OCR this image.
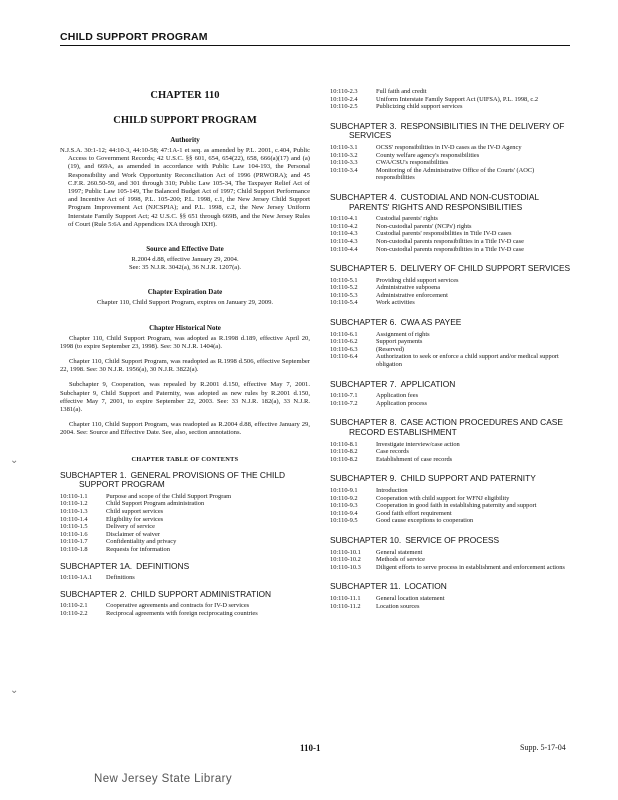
CHILD SUPPORT PROGRAM
CHAPTER 110
CHILD SUPPORT PROGRAM
Authority

N.J.S.A. 30:1-12; 44:10-3, 44:10-58; 47:1A-1 et seq. as amended by P.L. 2001, c.404, Public Access to Government Records; 42 U.S.C. §§ 601, 654, 654(22), 658, 666(a)(17) and (a)(19), and 669A, as amended in accordance with Public Law 104-193, the Personal Responsibility and Work Opportunity Reconciliation Act of 1996 (PRWORA); and 45 C.F.R. 260.50-59, and 301 through 310; Public Law 105-34, The Taxpayer Relief Act of 1997; Public Law 105-149, The Balanced Budget Act of 1997; Child Support Performance and Incentive Act of 1998, P.L. 105-200; P.L. 1998, c.1, the New Jersey Child Support Program Improvement Act (NJCSPIA); and P.L. 1998, c.2, the New Jersey Uniform Interstate Family Support Act; 42 U.S.C. §§ 651 through 669B, and the New Jersey Rules of Court (Rule 5:6A and Appendices IXA through IXH).

Source and Effective Date

R.2004 d.88, effective January 29, 2004.

See: 35 N.J.R. 3042(a), 36 N.J.R. 1207(a).

Chapter Expiration Date

Chapter 110, Child Support Program, expires on January 29, 2009.

Chapter Historical Note

Chapter 110, Child Support Program, was adopted as R.1998 d.189, effective April 20, 1998 (to expire September 23, 1998). See: 30 N.J.R. 1404(a).

Chapter 110, Child Support Program, was readopted as R.1998 d.506, effective September 22, 1998. See: 30 N.J.R. 1956(a), 30 N.J.R. 3822(a).

Subchapter 9, Cooperation, was repealed by R.2001 d.150, effective May 7, 2001. Subchapter 9, Child Support and Paternity, was adopted as new rules by R.2001 d.150, effective May 7, 2001, to expire September 22, 2003. See: 33 N.J.R. 182(a), 33 N.J.R. 1381(a).

Chapter 110, Child Support Program, was readopted as R.2004 d.88, effective January 29, 2004. See: Source and Effective Date. See, also, section annotations.

CHAPTER TABLE OF CONTENTS
SUBCHAPTER 1. GENERAL PROVISIONS OF THE CHILD SUPPORT PROGRAM
10:110-1.1	Purpose and scope of the Child Support Program
10:110-1.2	Child Support Program administration
10:110-1.3	Child support services
10:110-1.4	Eligibility for services
10:110-1.5	Delivery of service
10:110-1.6	Disclaimer of waiver
10:110-1.7	Confidentiality and privacy
10:110-1.8	Requests for information
SUBCHAPTER 1A. DEFINITIONS
10:110-1A.1	Definitions
SUBCHAPTER 2. CHILD SUPPORT ADMINISTRATION
10:110-2.1	Cooperative agreements and contracts for IV-D services
10:110-2.2	Reciprocal agreements with foreign reciprocating countries
10:110-2.3	Full faith and credit
10:110-2.4	Uniform Interstate Family Support Act (UIFSA), P.L. 1998, c.2
10:110-2.5	Publicizing child support services
SUBCHAPTER 3. RESPONSIBILITIES IN THE DELIVERY OF SERVICES
10:110-3.1	OCSS' responsibilities in IV-D cases as the IV-D Agency
10:110-3.2	County welfare agency's responsibilities
10:110-3.3	CWA/CSU's responsibilities
10:110-3.4	Monitoring of the Administrative Office of the Courts' (AOC) responsibilities
SUBCHAPTER 4. CUSTODIAL AND NON-CUSTODIAL PARENTS' RIGHTS AND RESPONSIBILITIES
10:110-4.1	Custodial parents' rights
10:110-4.2	Non-custodial parents' (NCPs') rights
10:110-4.3	Custodial parents' responsibilities in Title IV-D cases
10:110-4.3	Non-custodial parents responsibilities in a Title IV-D case
10:110-4.4	Non-custodial parents responsibilities in a Title IV-D case
SUBCHAPTER 5. DELIVERY OF CHILD SUPPORT SERVICES
10:110-5.1	Providing child support services
10:110-5.2	Administrative subpoena
10:110-5.3	Administrative enforcement
10:110-5.4	Work activities
SUBCHAPTER 6. CWA AS PAYEE
10:110-6.1	Assignment of rights
10:110-6.2	Support payments
10:110-6.3	(Reserved)
10:110-6.4	Authorization to seek or enforce a child support and/or medical support obligation
SUBCHAPTER 7. APPLICATION
10:110-7.1	Application fees
10:110-7.2	Application process
SUBCHAPTER 8. CASE ACTION PROCEDURES AND CASE RECORD ESTABLISHMENT
10:110-8.1	Investigate interview/case action
10:110-8.2	Case records
10:110-8.2	Establishment of case records
SUBCHAPTER 9. CHILD SUPPORT AND PATERNITY
10:110-9.1	Introduction
10:110-9.2	Cooperation with child support for WFNJ eligibility
10:110-9.3	Cooperation in good faith in establishing paternity and support
10:110-9.4	Good faith effort requirement
10:110-9.5	Good cause exceptions to cooperation
SUBCHAPTER 10. SERVICE OF PROCESS
10:110-10.1	General statement
10:110-10.2	Methods of service
10:110-10.3	Diligent efforts to serve process in establishment and enforcement actions
SUBCHAPTER 11. LOCATION
10:110-11.1	General location statement
10:110-11.2	Location sources
⌄
⌄
110-1	Supp. 5-17-04
New Jersey State Library
